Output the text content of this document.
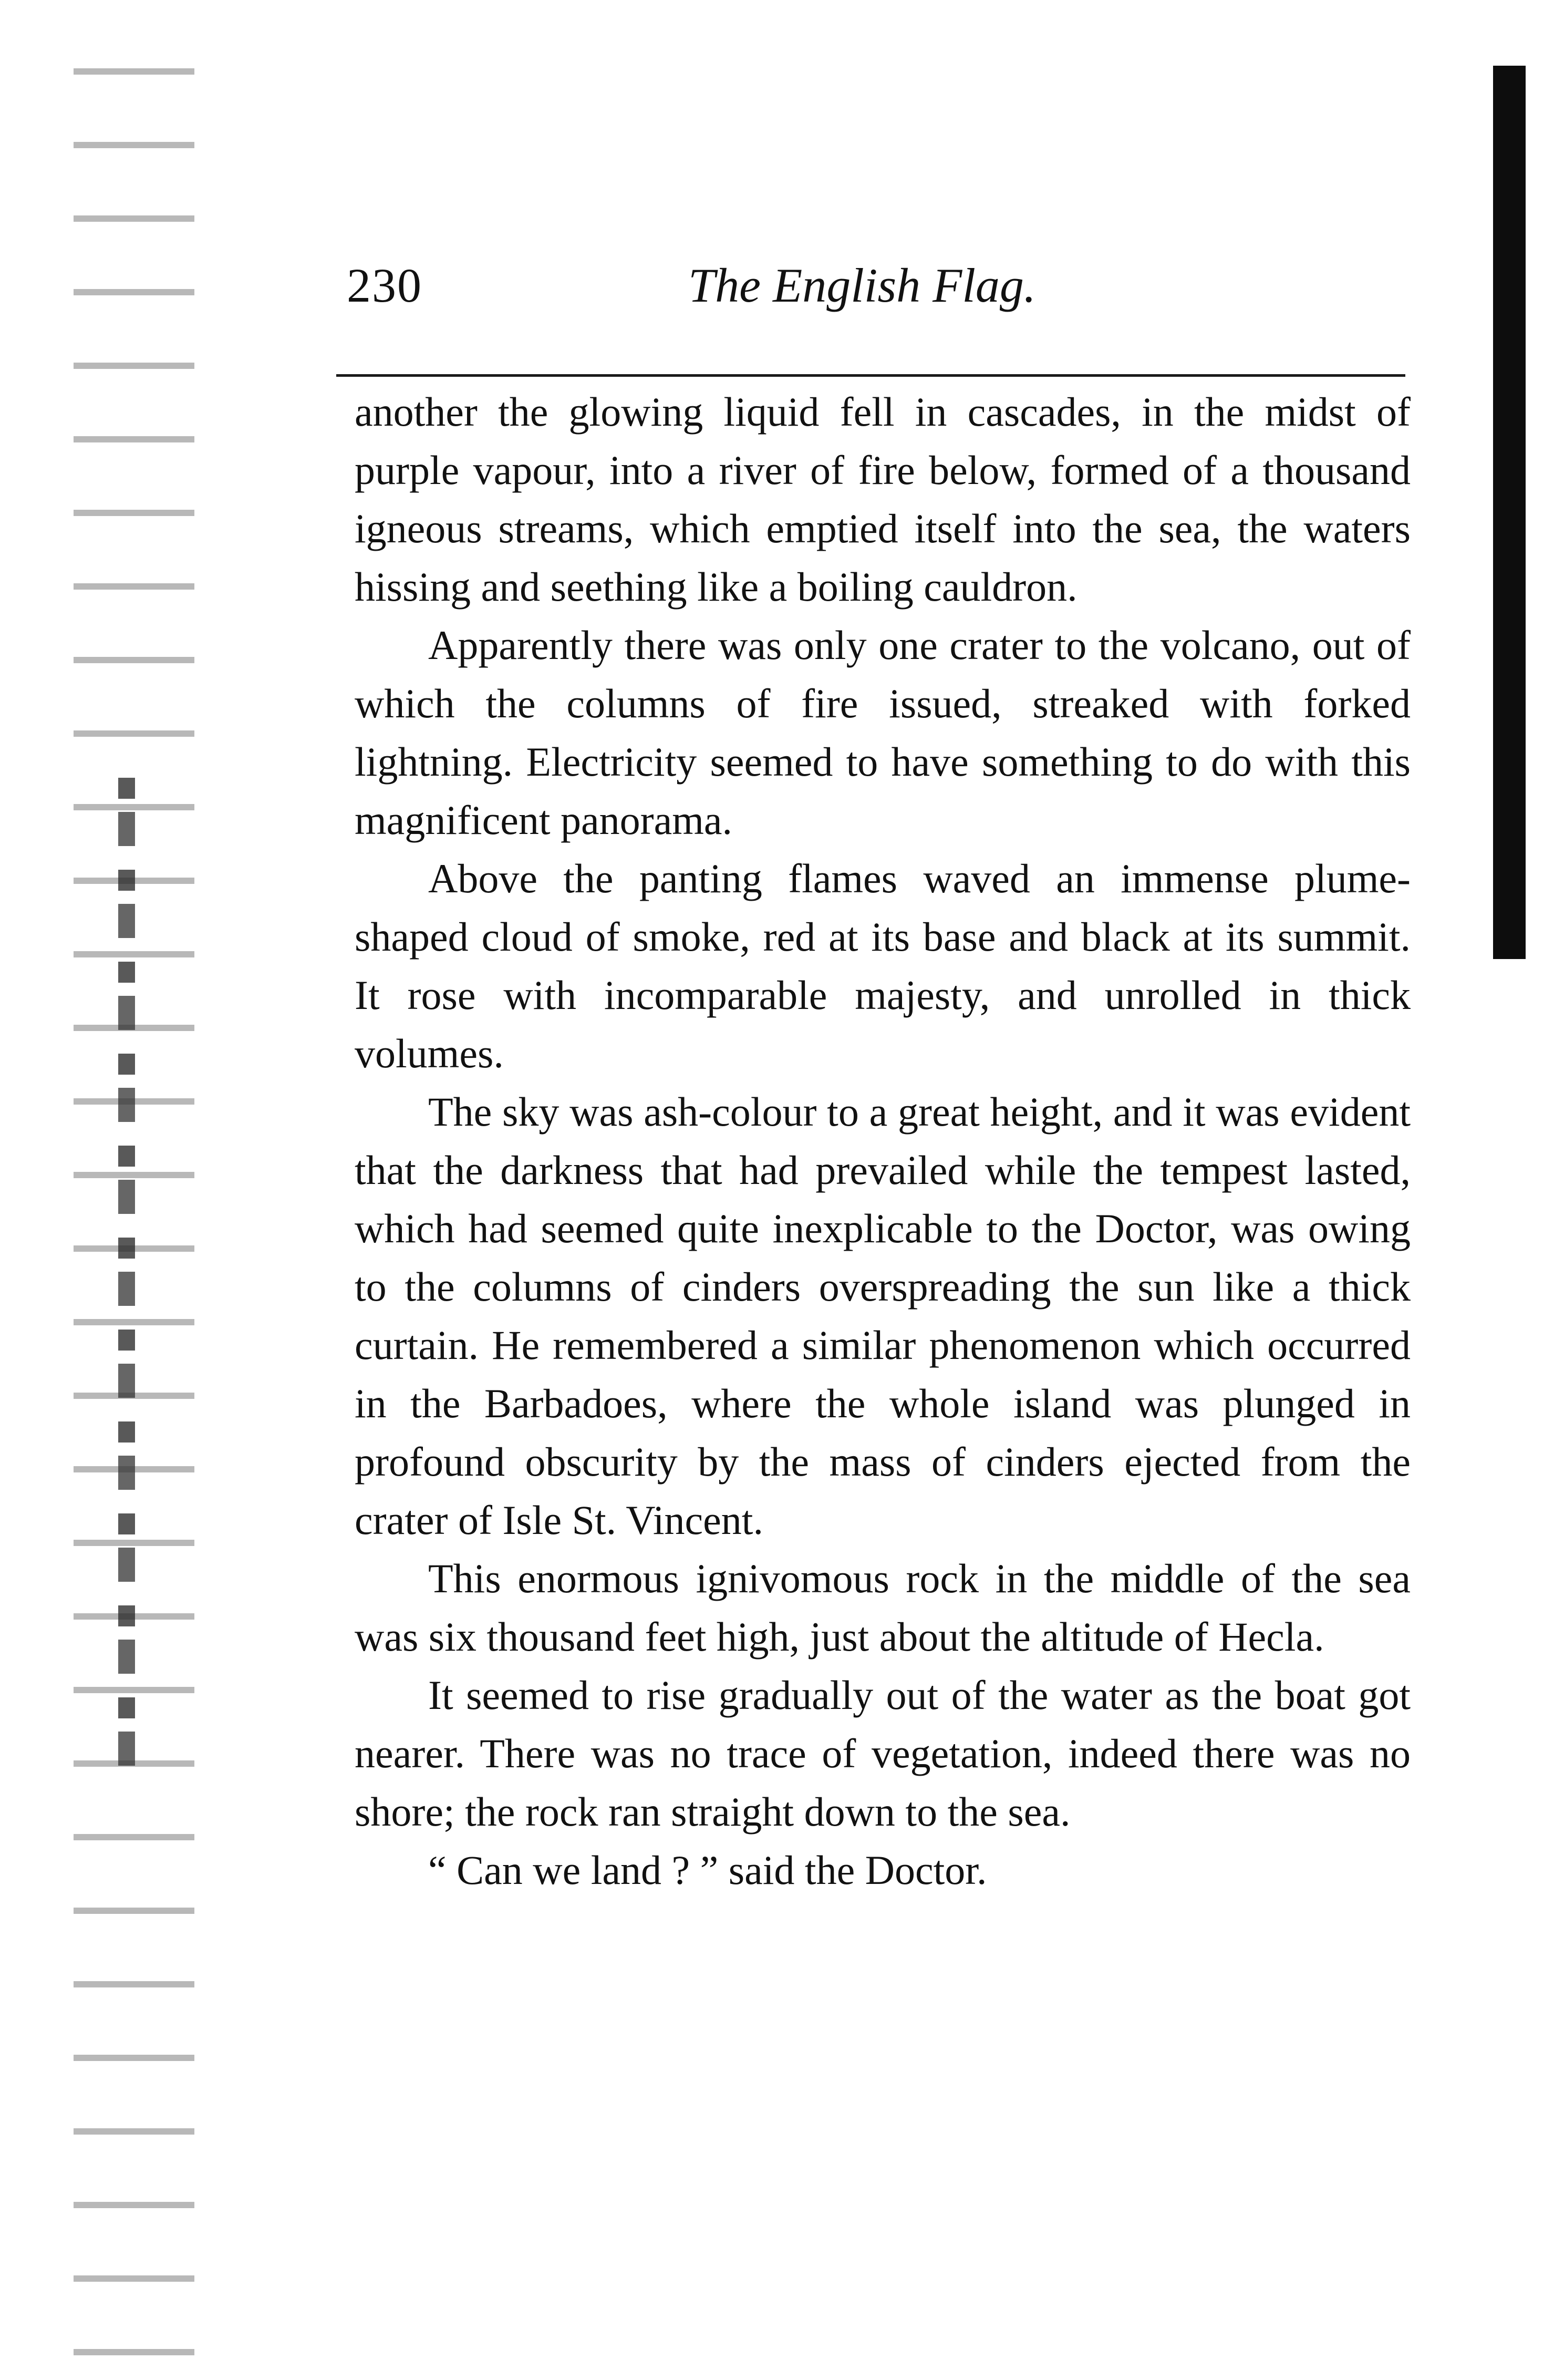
230	The English Flag.

another the glowing liquid fell in cascades, in the midst of purple vapour, into a river of fire below, formed of a thousand igneous streams, which emptied itself into the sea, the waters hissing and seething like a boiling cauldron.

Apparently there was only one crater to the volcano, out of which the columns of fire issued, streaked with forked lightning. Electricity seemed to have something to do with this magnificent panorama.

Above the panting flames waved an immense plume-shaped cloud of smoke, red at its base and black at its summit. It rose with incomparable majesty, and unrolled in thick volumes.

The sky was ash-colour to a great height, and it was evident that the darkness that had prevailed while the tempest lasted, which had seemed quite inexplicable to the Doctor, was owing to the columns of cinders overspreading the sun like a thick curtain. He remembered a similar phenomenon which occurred in the Barbadoes, where the whole island was plunged in profound obscurity by the mass of cinders ejected from the crater of Isle St. Vincent.

This enormous ignivomous rock in the middle of the sea was six thousand feet high, just about the altitude of Hecla.

It seemed to rise gradually out of the water as the boat got nearer. There was no trace of vegetation, indeed there was no shore; the rock ran straight down to the sea.

“ Can we land ? ” said the Doctor.
